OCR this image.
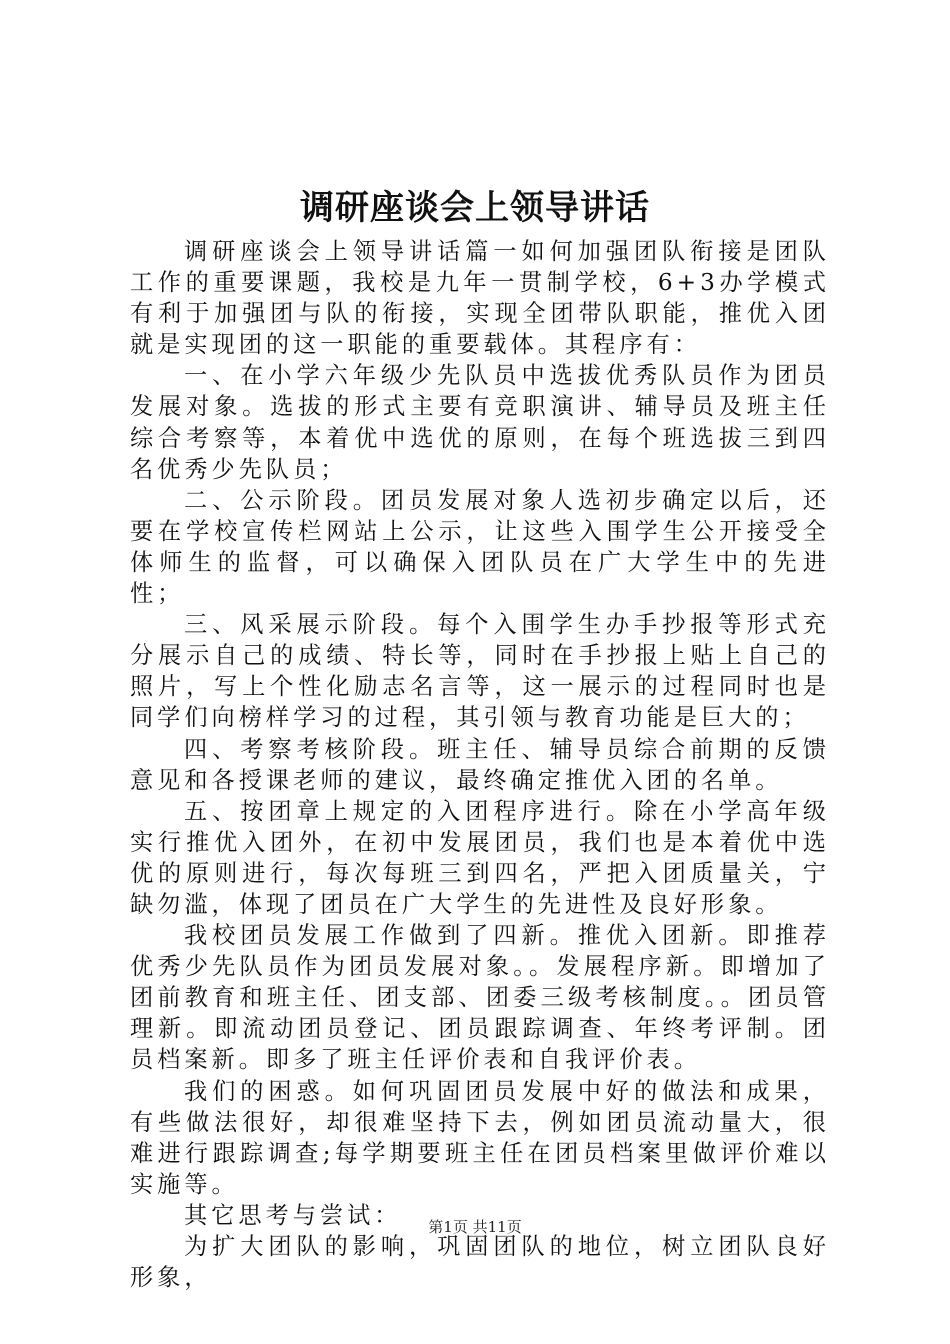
调研座谈会上领导讲话

调研座谈会上领导讲话篇一如何加强团队衔接是团队工作的重要课题，我校是九年一贯制学校，6+3办学模式有利于加强团与队的衔接，实现全团带队职能，推优入团就是实现团的这一职能的重要载体。其程序有：

一、在小学六年级少先队员中选拔优秀队员作为团员发展对象。选拔的形式主要有竞职演讲、辅导员及班主任综合考察等，本着优中选优的原则，在每个班选拔三到四名优秀少先队员；

二、公示阶段。团员发展对象人选初步确定以后，还要在学校宣传栏网站上公示，让这些入围学生公开接受全体师生的监督，可以确保入团队员在广大学生中的先进性；

三、风采展示阶段。每个入围学生办手抄报等形式充分展示自己的成绩、特长等，同时在手抄报上贴上自己的照片，写上个性化励志名言等，这一展示的过程同时也是同学们向榜样学习的过程，其引领与教育功能是巨大的；

四、考察考核阶段。班主任、辅导员综合前期的反馈意见和各授课老师的建议，最终确定推优入团的名单。

五、按团章上规定的入团程序进行。除在小学高年级实行推优入团外，在初中发展团员，我们也是本着优中选优的原则进行，每次每班三到四名，严把入团质量关，宁缺勿滥，体现了团员在广大学生的先进性及良好形象。

我校团员发展工作做到了四新。推优入团新。即推荐优秀少先队员作为团员发展对象。。发展程序新。即增加了团前教育和班主任、团支部、团委三级考核制度。。团员管理新。即流动团员登记、团员跟踪调查、年终考评制。团员档案新。即多了班主任评价表和自我评价表。

我们的困惑。如何巩固团员发展中好的做法和成果，有些做法很好，却很难坚持下去，例如团员流动量大，很难进行跟踪调查;每学期要班主任在团员档案里做评价难以实施等。

其它思考与尝试：

为扩大团队的影响，巩固团队的地位，树立团队良好形象，

第1页 共11页
